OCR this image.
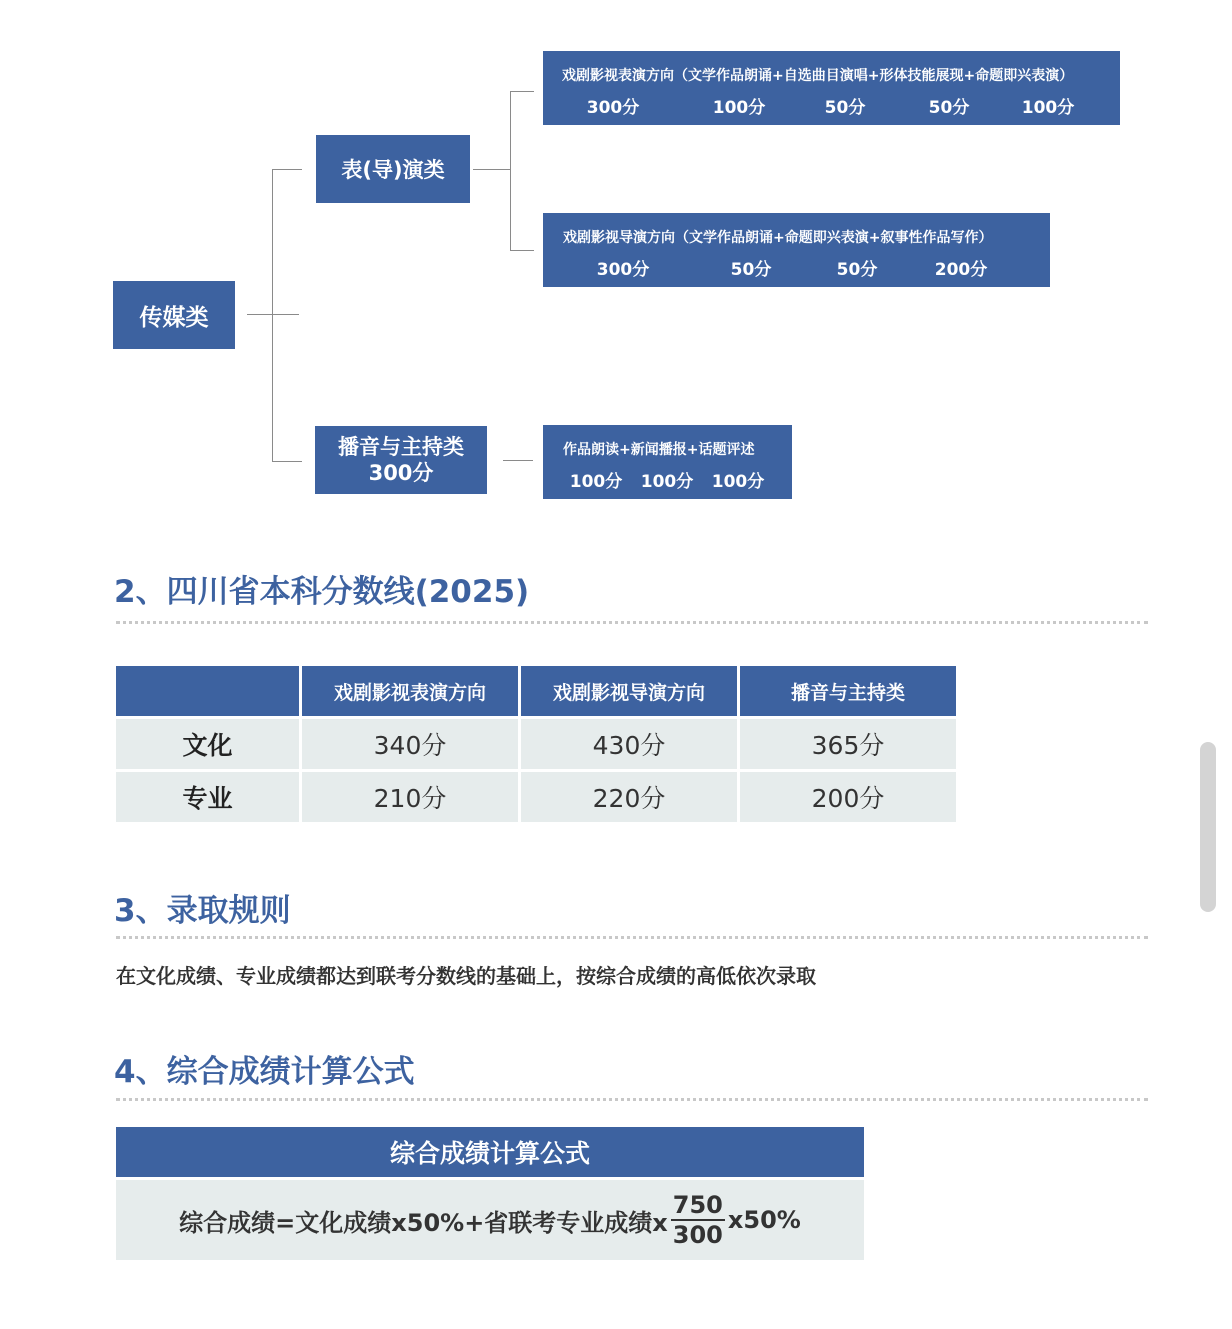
传媒类
表(导)演类
戏剧影视表演方向（文学作品朗诵+自选曲目演唱+形体技能展现+命题即兴表演）
300分	100分	50分	50分	100分
戏剧影视导演方向（文学作品朗诵+命题即兴表演+叙事性作品写作）
300分	50分	50分	200分
播音与主持类
300分
作品朗读+新闻播报+话题评述
100分 100分 100分
2、四川省本科分数线(2025)
	戏剧影视表演方向	戏剧影视导演方向	播音与主持类
文化	340分	430分	365分
专业	210分	220分	200分
3、录取规则
在文化成绩、专业成绩都达到联考分数线的基础上，按综合成绩的高低依次录取
4、综合成绩计算公式
综合成绩计算公式
综合成绩=文化成绩x50%+省联考专业成绩x $\frac{750}{300} x50\%$
